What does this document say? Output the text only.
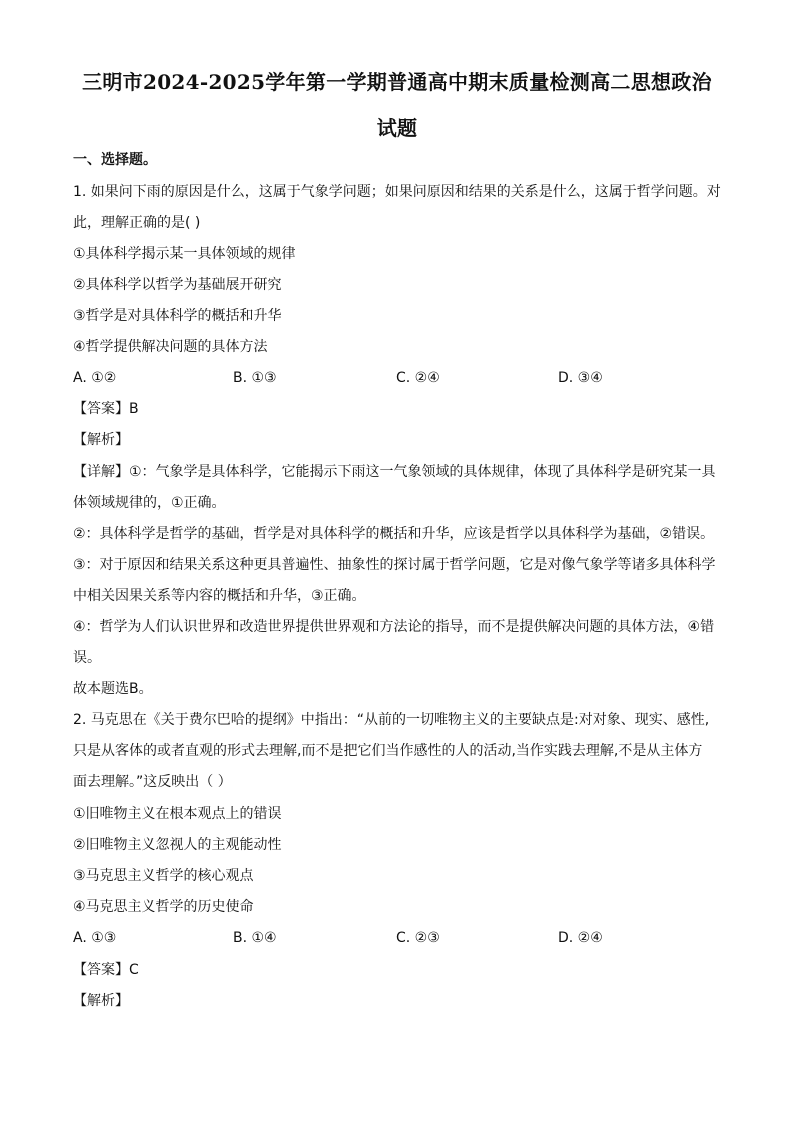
三明市2024-2025学年第一学期普通高中期末质量检测高二思想政治
试题
一、选择题。
1. 如果问下雨的原因是什么，这属于气象学问题；如果问原因和结果的关系是什么，这属于哲学问题。对
此，理解正确的是( )
①具体科学揭示某一具体领域的规律
②具体科学以哲学为基础展开研究
③哲学是对具体科学的概括和升华
④哲学提供解决问题的具体方法
A. ①②	B. ①③	C. ②④	D. ③④
【答案】B
【解析】
【详解】①：气象学是具体科学，它能揭示下雨这一气象领域的具体规律，体现了具体科学是研究某一具
体领域规律的，①正确。
②：具体科学是哲学的基础，哲学是对具体科学的概括和升华，应该是哲学以具体科学为基础，②错误。
③：对于原因和结果关系这种更具普遍性、抽象性的探讨属于哲学问题，它是对像气象学等诸多具体科学
中相关因果关系等内容的概括和升华，③正确。
④：哲学为人们认识世界和改造世界提供世界观和方法论的指导，而不是提供解决问题的具体方法，④错
误。
故本题选B。
2. 马克思在《关于费尔巴哈的提纲》中指出：“从前的一切唯物主义的主要缺点是:对对象、现实、感性,
只是从客体的或者直观的形式去理解,而不是把它们当作感性的人的活动,当作实践去理解,不是从主体方
面去理解。”这反映出（ ）
①旧唯物主义在根本观点上的错误
②旧唯物主义忽视人的主观能动性
③马克思主义哲学的核心观点
④马克思主义哲学的历史使命
A. ①③	B. ①④	C. ②③	D. ②④
【答案】C
【解析】
